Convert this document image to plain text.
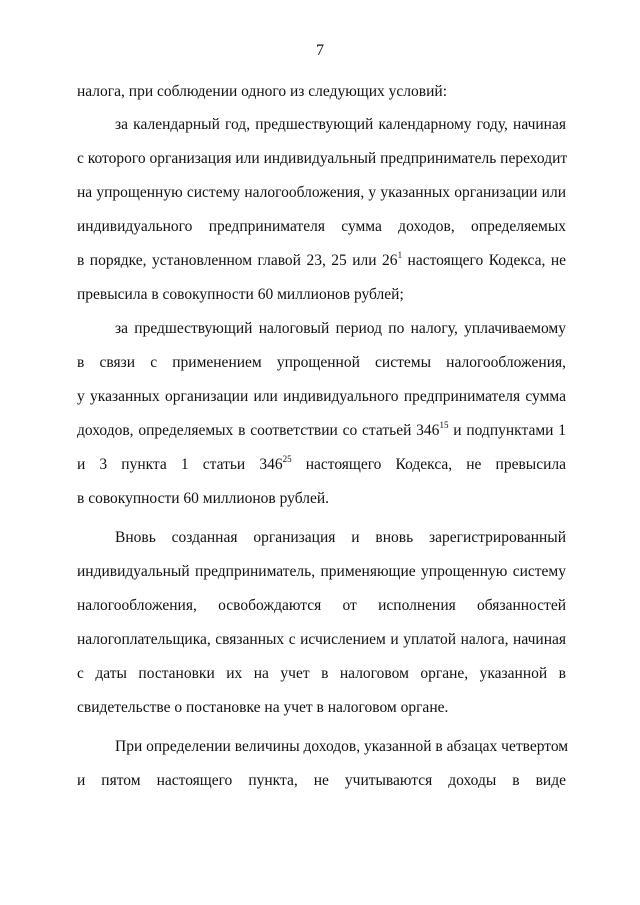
7
налога, при соблюдении одного из следующих условий:
за календарный год, предшествующий календарному году, начиная
с которого организация или индивидуальный предприниматель переходит
на упрощенную систему налогообложения, у указанных организации или
индивидуального предпринимателя сумма доходов, определяемых
в порядке, установленном главой 23, 25 или $26^1$ настоящего Кодекса, не
превысила в совокупности 60 миллионов рублей;
за предшествующий налоговый период по налогу, уплачиваемому
в связи с применением упрощенной системы налогообложения,
у указанных организации или индивидуального предпринимателя сумма
доходов, определяемых в соответствии со статьей $346^{15}$ и подпунктами 1
и 3 пункта 1 статьи $346^{25}$ настоящего Кодекса, не превысила
в совокупности 60 миллионов рублей.
Вновь созданная организация и вновь зарегистрированный
индивидуальный предприниматель, применяющие упрощенную систему
налогообложения, освобождаются от исполнения обязанностей
налогоплательщика, связанных с исчислением и уплатой налога, начиная
с даты постановки их на учет в налоговом органе, указанной в
свидетельстве о постановке на учет в налоговом органе.
При определении величины доходов, указанной в абзацах четвертом
и пятом настоящего пункта, не учитываются доходы в виде
